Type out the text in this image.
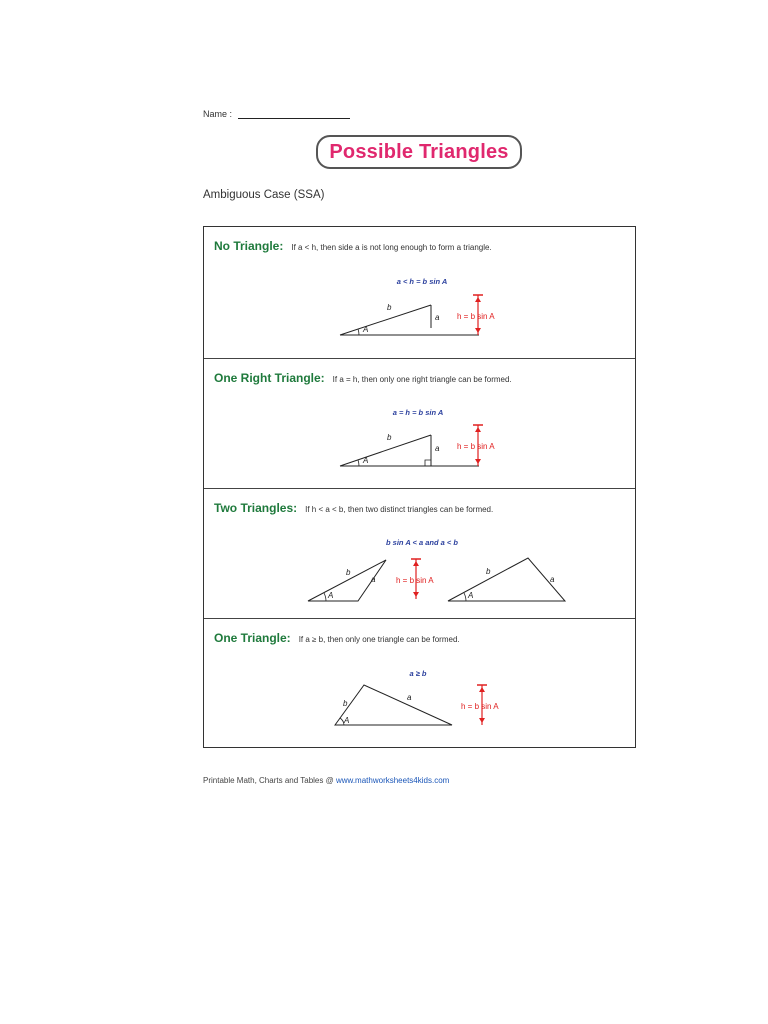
Name :
Possible Triangles
Ambiguous Case (SSA)
No Triangle: If a < h, then side a is not long enough to form a triangle.
a < h = b sin A
b
a
A
h = b sin A
One Right Triangle: If a = h, then only one right triangle can be formed.
a = h = b sin A
b
a
A
h = b sin A
Two Triangles: If h < a < b, then two distinct triangles can be formed.
b sin A < a and a < b
b
a
A
h = b sin A
b
a
A
One Triangle: If a ≥ b, then only one triangle can be formed.
a ≥ b
b
a
A
h = b sin A
Printable Math, Charts and Tables @ www.mathworksheets4kids.com
